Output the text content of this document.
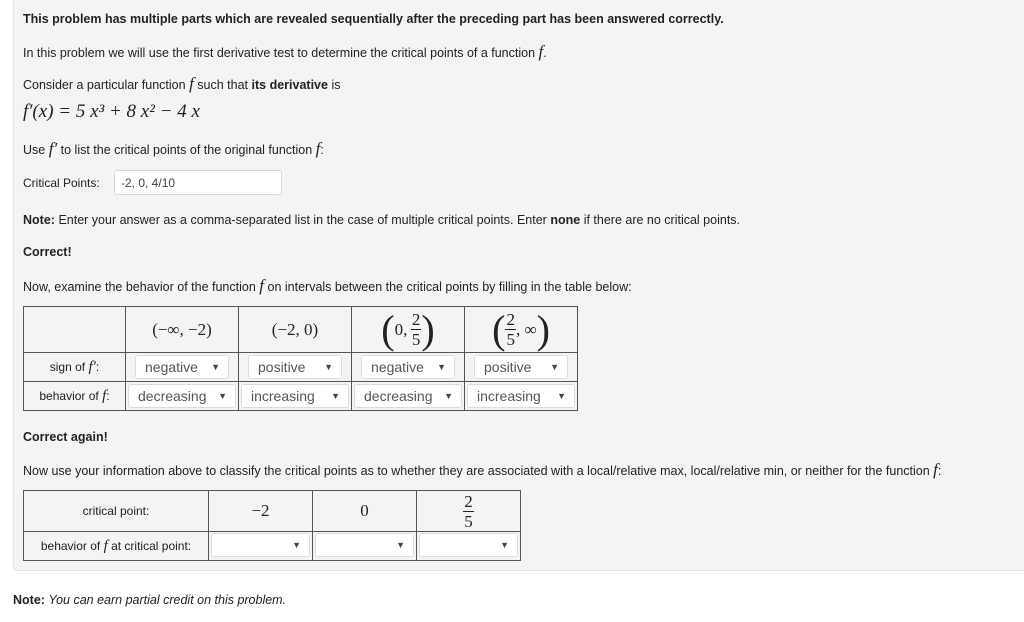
This problem has multiple parts which are revealed sequentially after the preceding part has been answered correctly.
In this problem we will use the first derivative test to determine the critical points of a function f.
Consider a particular function f such that its derivative is
f′(x) = 5 x³ + 8 x² − 4 x
Use f′ to list the critical points of the original function f:
Critical Points:	-2, 0, 4/10
Note: Enter your answer as a comma-separated list in the case of multiple critical points. Enter none if there are no critical points.
Correct!
Now, examine the behavior of the function f on intervals between the critical points by filling in the table below:
	(−∞, −2)	(−2, 0)	(0, $\frac{2}{5}$ )	( $\frac{2}{5}$ , ∞)
sign of f′:	negative ▼	positive ▼	negative ▼	positive ▼

behavior of f:	decreasing ▼	increasing ▼	decreasing ▼	increasing ▼
Correct again!
Now use your information above to classify the critical points as to whether they are associated with a local/relative max, local/relative min, or neither for the function f:
critical point:	−2	0	$\frac{2}{5}$

behavior of f at critical point:	▼	▼	▼
Note: You can earn partial credit on this problem.
